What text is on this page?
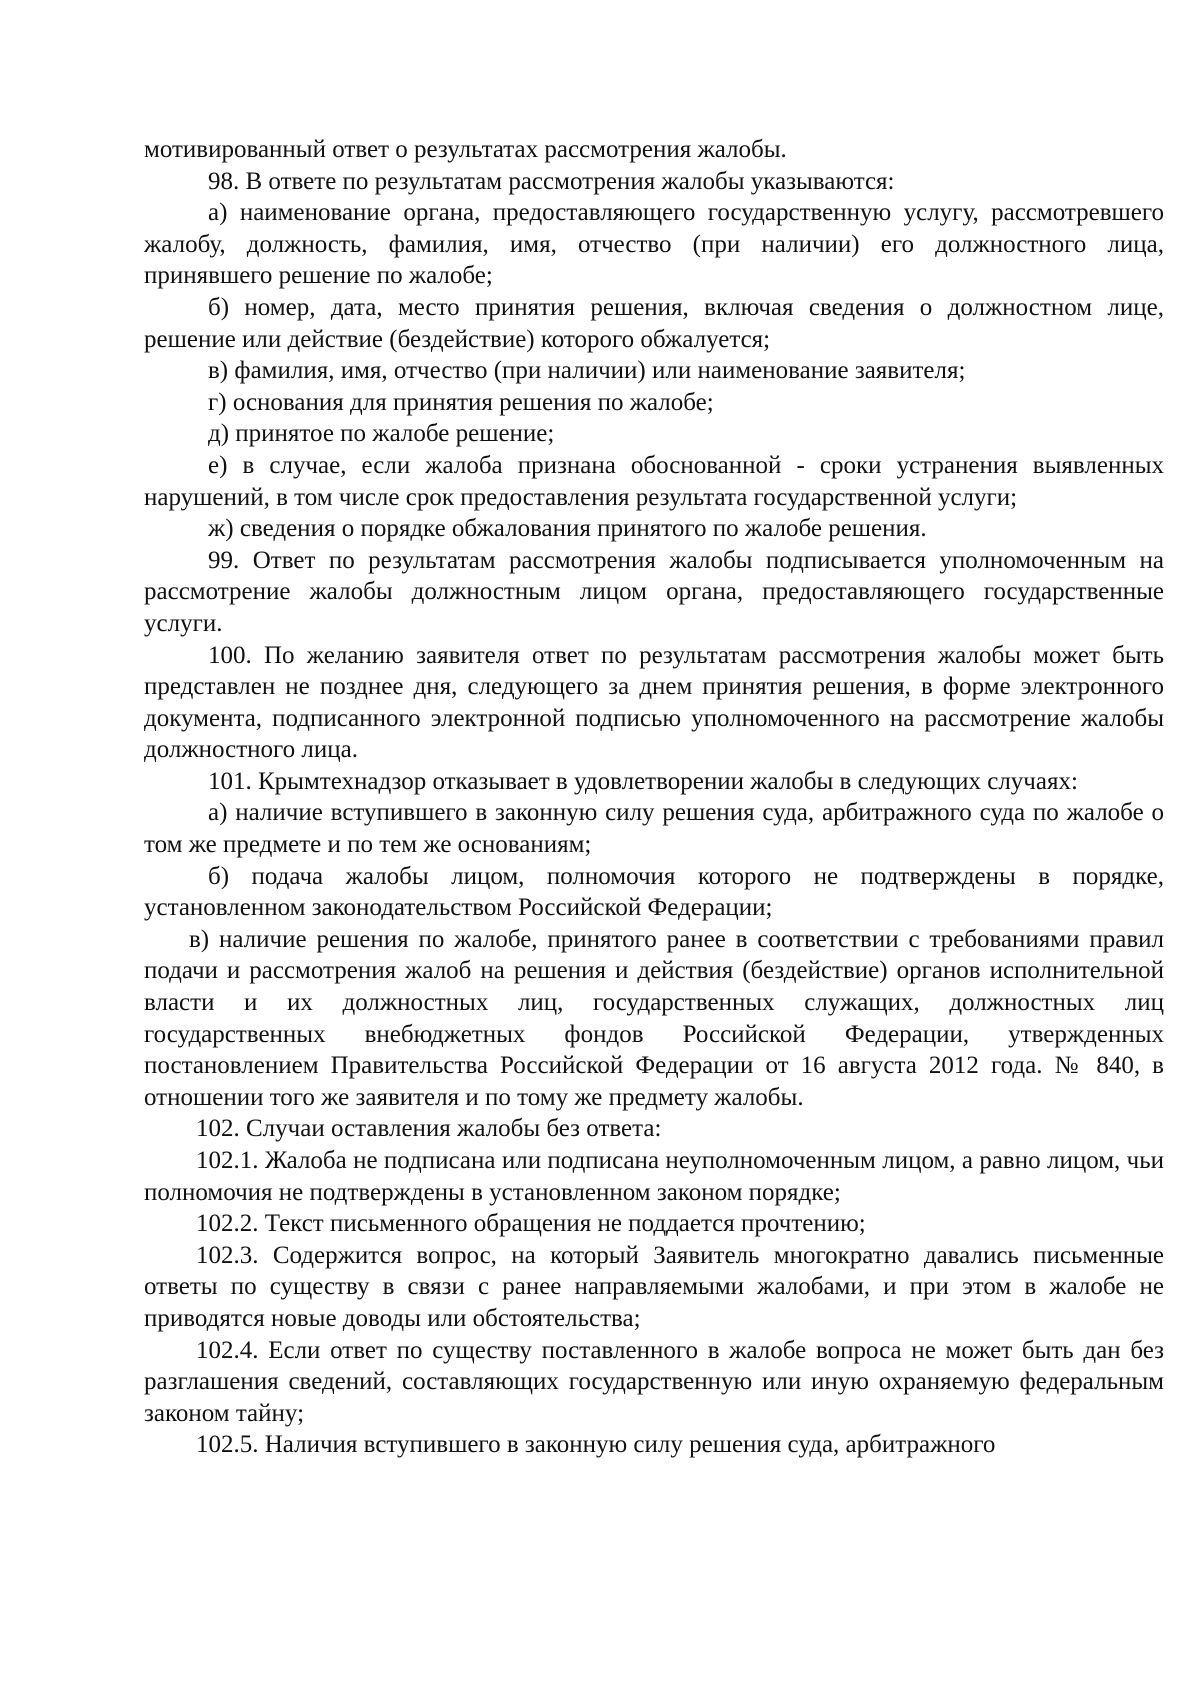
мотивированный ответ о результатах рассмотрения жалобы.

98. В ответе по результатам рассмотрения жалобы указываются:

а) наименование органа, предоставляющего государственную услугу, рассмотревшего жалобу, должность, фамилия, имя, отчество (при наличии) его должностного лица, принявшего решение по жалобе;

б) номер, дата, место принятия решения, включая сведения о должностном лице, решение или действие (бездействие) которого обжалуется;

в) фамилия, имя, отчество (при наличии) или наименование заявителя;

г) основания для принятия решения по жалобе;

д) принятое по жалобе решение;

е) в случае, если жалоба признана обоснованной - сроки устранения выявленных нарушений, в том числе срок предоставления результата государственной услуги;

ж) сведения о порядке обжалования принятого по жалобе решения.

99. Ответ по результатам рассмотрения жалобы подписывается уполномоченным на рассмотрение жалобы должностным лицом органа, предоставляющего государственные услуги.

100. По желанию заявителя ответ по результатам рассмотрения жалобы может быть представлен не позднее дня, следующего за днем принятия решения, в форме электронного документа, подписанного электронной подписью уполномоченного на рассмотрение жалобы должностного лица.

101. Крымтехнадзор отказывает в удовлетворении жалобы в следующих случаях:

а) наличие вступившего в законную силу решения суда, арбитражного суда по жалобе о том же предмете и по тем же основаниям;

б) подача жалобы лицом, полномочия которого не подтверждены в порядке, установленном законодательством Российской Федерации;

в) наличие решения по жалобе, принятого ранее в соответствии с требованиями правил подачи и рассмотрения жалоб на решения и действия (бездействие) органов исполнительной власти и их должностных лиц, государственных служащих, должностных лиц государственных внебюджетных фондов Российской Федерации, утвержденных постановлением Правительства Российской Федерации от 16 августа 2012 года. № 840, в отношении того же заявителя и по тому же предмету жалобы.

102. Случаи оставления жалобы без ответа:

102.1. Жалоба не подписана или подписана неуполномоченным лицом, а равно лицом, чьи полномочия не подтверждены в установленном законом порядке;

102.2. Текст письменного обращения не поддается прочтению;

102.3. Содержится вопрос, на который Заявитель многократно давались письменные ответы по существу в связи с ранее направляемыми жалобами, и при этом в жалобе не приводятся новые доводы или обстоятельства;

102.4. Если ответ по существу поставленного в жалобе вопроса не может быть дан без разглашения сведений, составляющих государственную или иную охраняемую федеральным законом тайну;

102.5. Наличия вступившего в законную силу решения суда, арбитражного
